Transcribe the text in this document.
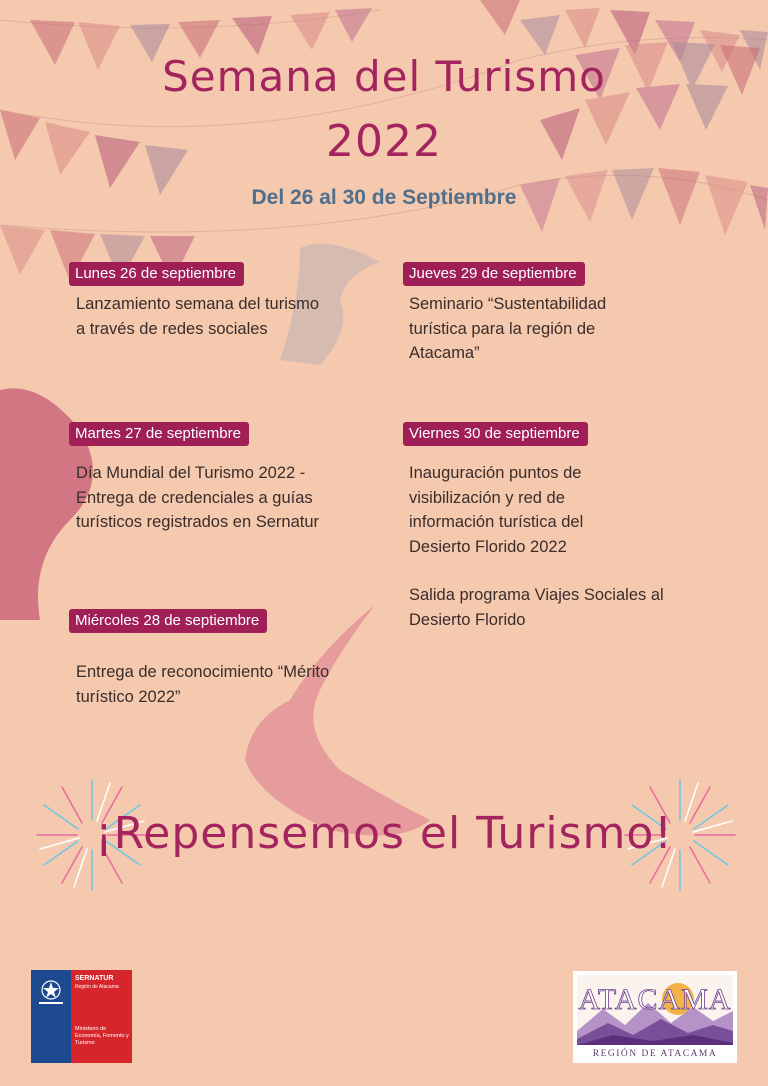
Semana del Turismo
2022
Del 26 al 30 de Septiembre
Lunes 26 de septiembre

Lanzamiento semana del turismo a través de redes sociales

Martes 27 de septiembre

Día Mundial del Turismo 2022 - Entrega de credenciales a guías turísticos registrados en Sernatur

Miércoles 28 de septiembre

Entrega de reconocimiento “Mérito turístico 2022”

Jueves 29 de septiembre

Seminario “Sustentabilidad turística para la región de Atacama”

Viernes 30 de septiembre

Inauguración puntos de visibilización y red de información turística del Desierto Florido 2022

Salida programa Viajes Sociales al Desierto Florido

¡Repensemos el Turismo!
SERNATUR
Región de Atacama
Ministerio de Economía, Fomento y Turismo
ATACAMA
REGIÓN DE ATACAMA
